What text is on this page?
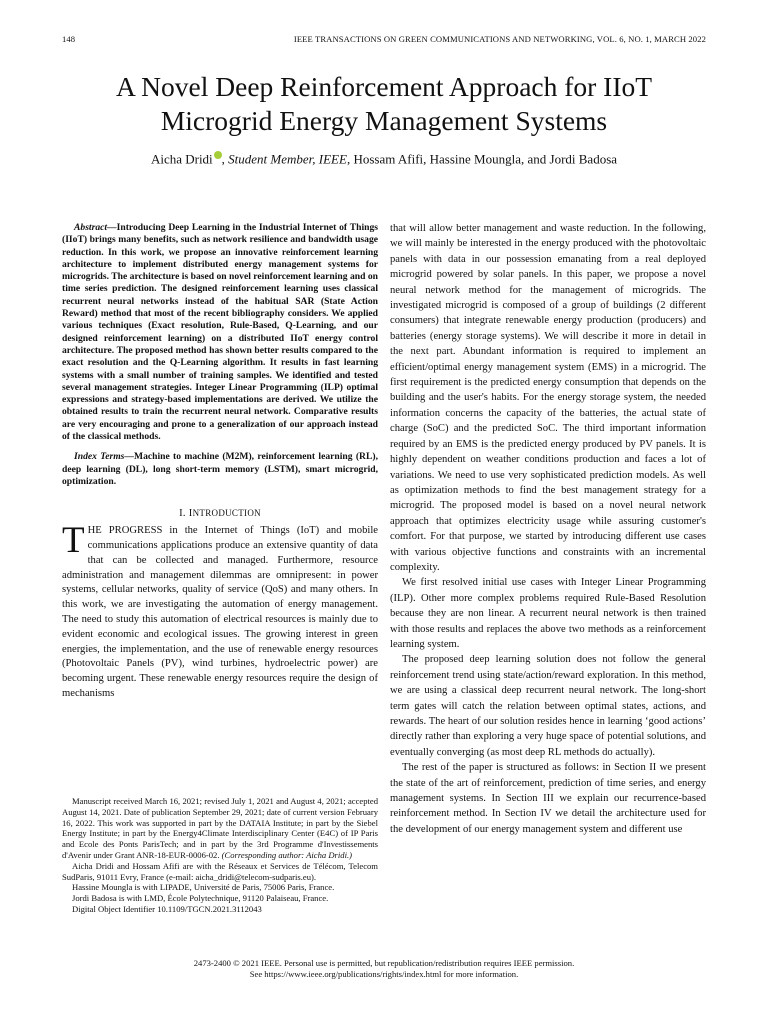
148	IEEE TRANSACTIONS ON GREEN COMMUNICATIONS AND NETWORKING, VOL. 6, NO. 1, MARCH 2022
A Novel Deep Reinforcement Approach for IIoT
Microgrid Energy Management Systems
Aicha Dridi , Student Member, IEEE, Hossam Afifi, Hassine Moungla, and Jordi Badosa

Abstract—Introducing Deep Learning in the Industrial Internet of Things (IIoT) brings many benefits, such as network resilience and bandwidth usage reduction. In this work, we propose an innovative reinforcement learning architecture to implement distributed energy management systems for microgrids. The architecture is based on novel reinforcement learning and on time series prediction. The designed reinforcement learning uses classical recurrent neural networks instead of the habitual SAR (State Action Reward) method that most of the recent bibliography considers. We applied various techniques (Exact resolution, Rule-Based, Q-Learning, and our designed reinforcement learning) on a distributed IIoT energy control architecture. The proposed method has shown better results compared to the exact resolution and the Q-Learning algorithm. It results in fast learning systems with a small number of training samples. We identified and tested several management strategies. Integer Linear Programming (ILP) optimal expressions and strategy-based implementations are derived. We utilize the obtained results to train the recurrent neural network. Comparative results are very encouraging and prone to a generalization of our approach instead of the classical methods.

Index Terms—Machine to machine (M2M), reinforcement learning (RL), deep learning (DL), long short-term memory (LSTM), smart microgrid, optimization.

I. INTRODUCTION

THE PROGRESS in the Internet of Things (IoT) and mobile communications applications produce an extensive quantity of data that can be collected and managed. Furthermore, resource administration and management dilemmas are omnipresent: in power systems, cellular networks, quality of service (QoS) and many others. In this work, we are investigating the automation of energy management. The need to study this automation of electrical resources is mainly due to evident economic and ecological issues. The growing interest in green energies, the implementation, and the use of renewable energy resources (Photovoltaic Panels (PV), wind turbines, hydroelectric power) are becoming urgent. These renewable energy resources require the design of mechanisms

Manuscript received March 16, 2021; revised July 1, 2021 and August 4, 2021; accepted August 14, 2021. Date of publication September 29, 2021; date of current version February 16, 2022. This work was supported in part by the DATAIA Institute; in part by the Siebel Energy Institute; in part by the Energy4Climate Interdisciplinary Center (E4C) of IP Paris and Ecole des Ponts ParisTech; and in part by the 3rd Programme d'Investissements d'Avenir under Grant ANR-18-EUR-0006-02. (Corresponding author: Aicha Dridi.)

Aicha Dridi and Hossam Afifi are with the Réseaux et Services de Télécom, Telecom SudParis, 91011 Evry, France (e-mail: aicha_dridi@telecom-sudparis.eu).

Hassine Moungla is with LIPADE, Université de Paris, 75006 Paris, France.

Jordi Badosa is with LMD, École Polytechnique, 91120 Palaiseau, France.

Digital Object Identifier 10.1109/TGCN.2021.3112043

that will allow better management and waste reduction. In the following, we will mainly be interested in the energy produced with the photovoltaic panels with data in our possession emanating from a real deployed microgrid powered by solar panels. In this paper, we propose a novel neural network method for the management of microgrids. The investigated microgrid is composed of a group of buildings (2 different consumers) that integrate renewable energy production (producers) and batteries (energy storage systems). We will describe it more in detail in the next part. Abundant information is required to implement an efficient/optimal energy management system (EMS) in a microgrid. The first requirement is the predicted energy consumption that depends on the building and the user's habits. For the energy storage system, the needed information concerns the capacity of the batteries, the actual state of charge (SoC) and the predicted SoC. The third important information required by an EMS is the predicted energy produced by PV panels. It is highly dependent on weather conditions production and faces a lot of variations. We need to use very sophisticated prediction models. As well as optimization methods to find the best management strategy for a microgrid. The proposed model is based on a novel neural network approach that optimizes electricity usage while assuring customer's comfort. For that purpose, we started by introducing different use cases with various objective functions and constraints with an incremental complexity.

We first resolved initial use cases with Integer Linear Programming (ILP). Other more complex problems required Rule-Based Resolution because they are non linear. A recurrent neural network is then trained with those results and replaces the above two methods as a reinforcement learning system.

The proposed deep learning solution does not follow the general reinforcement trend using state/action/reward exploration. In this method, we are using a classical deep recurrent neural network. The long-short term gates will catch the relation between optimal states, actions, and rewards. The heart of our solution resides hence in learning ‘good actions’ directly rather than exploring a very huge space of potential solutions, and eventually converging (as most deep RL methods do actually).

The rest of the paper is structured as follows: in Section II we present the state of the art of reinforcement, prediction of time series, and energy management systems. In Section III we explain our recurrence-based reinforcement method. In Section IV we detail the architecture used for the development of our energy management system and different use

2473-2400 © 2021 IEEE. Personal use is permitted, but republication/redistribution requires IEEE permission.
See https://www.ieee.org/publications/rights/index.html for more information.
